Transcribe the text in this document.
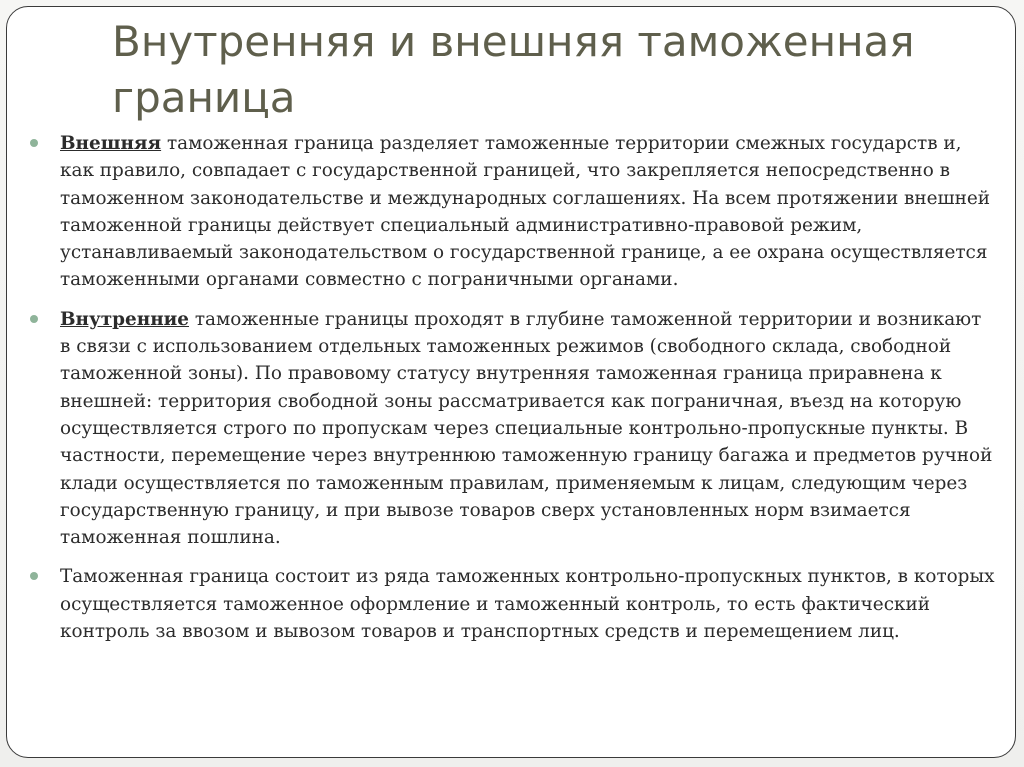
Внутренняя и внешняя таможенная граница

Внешняя таможенная граница разделяет таможенные территории смежных государств и, как правило, совпадает с государственной границей, что закрепляется непосредственно в таможенном законодательстве и международных соглашениях. На всем протяжении внешней таможенной границы действует специальный административно-правовой режим, устанавливаемый законодательством о государственной границе, а ее охрана осуществляется таможенными органами совместно с пограничными органами.

Внутренние таможенные границы проходят в глубине таможенной территории и возникают в связи с использованием отдельных таможенных режимов (свободного склада, свободной таможенной зоны). По правовому статусу внутренняя таможенная граница приравнена к внешней: территория свободной зоны рассматривается как пограничная, въезд на которую осуществляется строго по пропускам через специальные контрольно-пропускные пункты. В частности, перемещение через внутреннюю таможенную границу багажа и предметов ручной клади осуществляется по таможенным правилам, применяемым к лицам, следующим через государственную границу, и при вывозе товаров сверх установленных норм взимается таможенная пошлина.

Таможенная граница состоит из ряда таможенных контрольно-пропускных пунктов, в которых осуществляется таможенное оформление и таможенный контроль, то есть фактический контроль за ввозом и вывозом товаров и транспортных средств и перемещением лиц.
